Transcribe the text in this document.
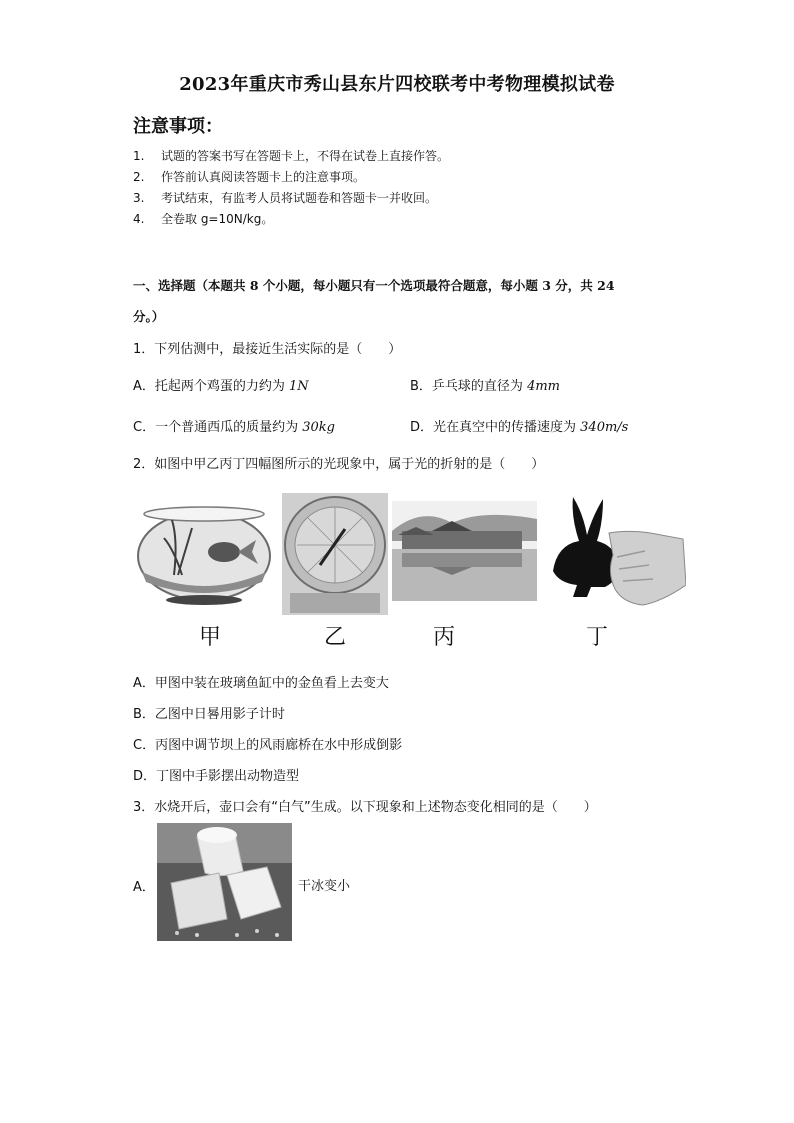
2023年重庆市秀山县东片四校联考中考物理模拟试卷
注意事项：
1. 试题的答案书写在答题卡上，不得在试卷上直接作答。
2. 作答前认真阅读答题卡上的注意事项。
3. 考试结束，有监考人员将试题卷和答题卡一并收回。
4. 全卷取 g=10N/kg。
一、选择题（本题共 8 个小题，每小题只有一个选项最符合题意，每小题 3 分，共 24
分。）
1．下列估测中，最接近生活实际的是（　　）
A．托起两个鸡蛋的力约为 1N	B．乒乓球的直径为 4mm
C．一个普通西瓜的质量约为 30kg	D．光在真空中的传播速度为 340m/s
2．如图中甲乙丙丁四幅图所示的光现象中，属于光的折射的是（　　）
甲	乙	丙	丁
A．甲图中装在玻璃鱼缸中的金鱼看上去变大
B．乙图中日晷用影子计时
C．丙图中调节坝上的风雨廊桥在水中形成倒影
D．丁图中手影摆出动物造型
3．水烧开后，壶口会有“白气”生成。以下现象和上述物态变化相同的是（　　）
A．	干冰变小
